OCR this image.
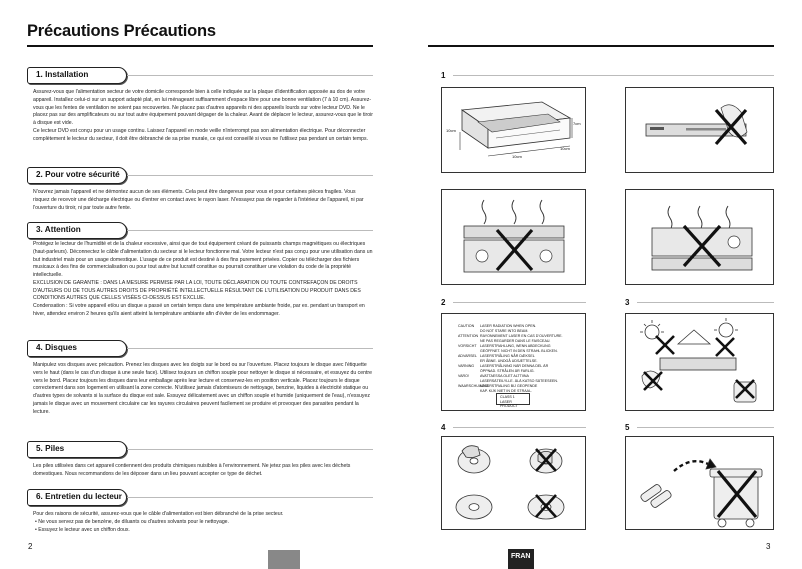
Précautions Précautions
1. Installation

Assurez-vous que l'alimentation secteur de votre domicile corresponde bien à celle indiquée sur la plaque d'identification apposée au dos de votre appareil. Installez celui-ci sur un support adapté plat, en lui ménageant suffisamment d'espace libre pour une bonne ventilation (7 à 10 cm). Assurez-vous que les fentes de ventilation ne soient pas recouvertes. Ne placez pas d'autres appareils ni des appareils lourds sur votre lecteur DVD. Ne le placez pas sur des amplificateurs ou sur tout autre équipement pouvant dégager de la chaleur. Avant de déplacer le lecteur, assurez-vous que le tiroir à disque est vide.

Ce lecteur DVD est conçu pour un usage continu. Laissez l'appareil en mode veille n'interrompt pas son alimentation électrique. Pour déconnecter complètement le lecteur du secteur, il doit être débranché de sa prise murale, ce qui est conseillé si vous ne l'utilisez pas pendant un certain temps.

2. Pour votre sécurité

N'ouvrez jamais l'appareil et ne démontez aucun de ses éléments. Cela peut être dangereux pour vous et pour certaines pièces fragiles. Vous risquez de recevoir une décharge électrique ou d'entrer en contact avec le rayon laser. N'essayez pas de regarder à l'intérieur de l'appareil, ni par l'ouverture du tiroir, ni par toute autre fente.

3. Attention

Protégez le lecteur de l'humidité et de la chaleur excessive, ainsi que de tout équipement créant de puissants champs magnétiques ou électriques (haut-parleurs). Déconnectez le câble d'alimentation du secteur si le lecteur fonctionne mal. Votre lecteur n'est pas conçu pour une utilisation dans un but industriel mais pour un usage domestique. L'usage de ce produit est destiné à des fins purement privées. Copier ou télécharger des fichiers musicaux à des fins de commercialisation ou pour tout autre but lucratif constitue ou pourrait constituer une violation du code de la propriété intellectuelle.

EXCLUSION DE GARANTIE : DANS LA MESURE PERMISE PAR LA LOI, TOUTE DÉCLARATION OU TOUTE CONTREFAÇON DE DROITS D'AUTEURS OU DE TOUS AUTRES DROITS DE PROPRIÉTÉ INTELLECTUELLE RÉSULTANT DE L'UTILISATION DU PRODUIT DANS DES CONDITIONS AUTRES QUE CELLES VISÉES CI-DESSUS EST EXCLUE.

Condensation : Si votre appareil et/ou un disque a passé un certain temps dans une température ambiante froide, par ex. pendant un transport en hiver, attendez environ 2 heures qu'ils aient atteint la température ambiante afin d'éviter de les endommager.

4. Disques

Manipulez vos disques avec précaution. Prenez les disques avec les doigts sur le bord ou sur l'ouverture. Placez toujours le disque avec l'étiquette vers le haut (dans le cas d'un disque à une seule face). Utilisez toujours un chiffon souple pour nettoyer le disque si nécessaire, et essuyez du centre vers le bord. Placez toujours les disques dans leur emballage après leur lecture et conservez-les en position verticale. Placez toujours le disque correctement dans son logement en utilisant la zone correcte. N'utilisez jamais d'atomiseurs de nettoyage, benzine, liquides à électricité statique ou d'autres types de solvants si la surface du disque est sale. Essuyez délicatement avec un chiffon souple et humide (uniquement de l'eau), n'essuyez jamais le disque avec un mouvement circulaire car les rayures circulaires peuvent facilement se produire et provoquer des parasites pendant la lecture.

5. Piles

Les piles utilisées dans cet appareil contiennent des produits chimiques nuisibles à l'environnement. Ne jetez pas les piles avec les déchets domestiques. Nous recommandons de les déposer dans un lieu pouvant accepter ce type de déchet.

6. Entretien du lecteur

Pour des raisons de sécurité, assurez-vous que le câble d'alimentation est bien débranché de la prise secteur.

• Ne vous servez pas de benzène, de diluants ou d'autres solvants pour le nettoyage.

• Essuyez le lecteur avec un chiffon doux.

2
1
10cm
10cm
7cm
10cm
2	3
CAUTION	LASER RADIATION WHEN OPEN.
DO NOT STARE INTO BEAM.
ATTENTION RAYONNEMENT LASER EN CAS D'OUVERTURE.
NE PAS REGARDER DANS LE FAISCEAU.
VORSICHT LASERSTRAHLUNG, WENN ABDECKUNG
GEÖFFNET. NICHT IN DEN STRAHL BLICKEN.
ADVARSEL LASERSTRÅLING NÅR DÆKSEL
ER ÅBNE. UNDGÅ UDSÆTTELSE.
VARNING	LASERSTRÅLNING NÄR DENNA DEL ÄR
ÖPPNAD. STRÅLEN ÄR FARLIG.
VARO!	AVATTAESSA OLET ALTTIINA
LASERSÄTEILYLLE. ÄLÄ KATSO SÄTEESEEN.
WAARSCHUWING
LASERSTRALING BIJ GEOPENDE
KAP. KIJK NIET IN DE STRAAL.
CLASS 1
LASER PRODUCT
4	5
3
FRAN
